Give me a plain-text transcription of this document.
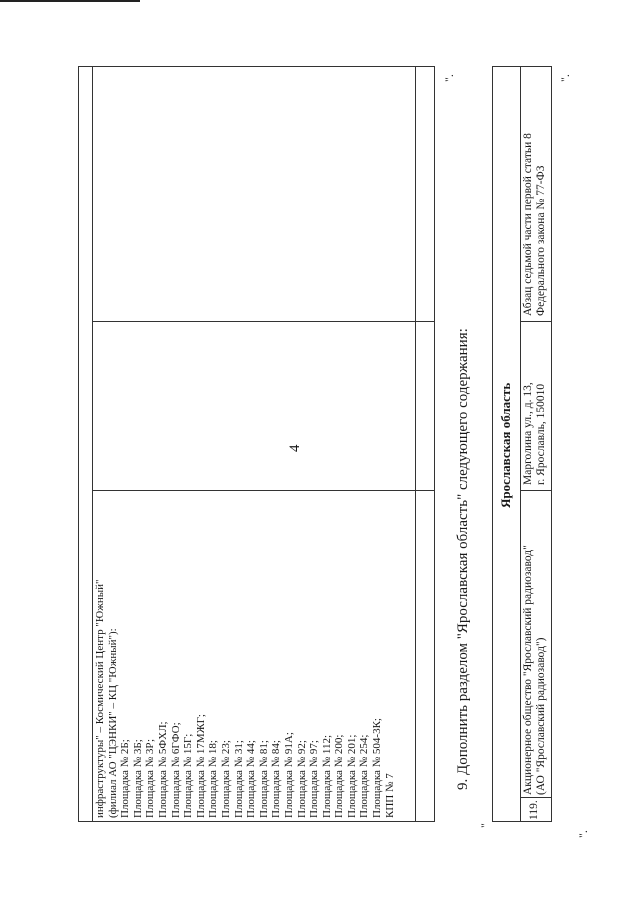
4
инфраструктуры" – Космический Центр "Южный" (филиал АО "ЦЭНКИ" – КЦ "Южный"): Площадка № 2Б; Площадка № 3Б; Площадка № 3Р; Площадка № 5ФХЛ; Площадка № 6ГФО; Площадка № 15Г; Площадка № 17МЖГ; Площадка № 18; Площадка № 23; Площадка № 31; Площадка № 44; Площадка № 81; Площадка № 84; Площадка № 91А; Площадка № 92; Площадка № 97; Площадка № 112; Площадка № 200; Площадка № 201; Площадка № 254; Площадка № 504-3К; КПП № 7
".
9. Дополнить разделом "Ярославская область" следующего содержания:
"
Ярославская область
119.
Акционерное общество "Ярославский радиозавод" (АО "Ярославский радиозавод")
Марголина ул., д. 13, г. Ярославль, 150010
Абзац седьмой части первой статьи 8 Федерального закона № 77-ФЗ
".
".
